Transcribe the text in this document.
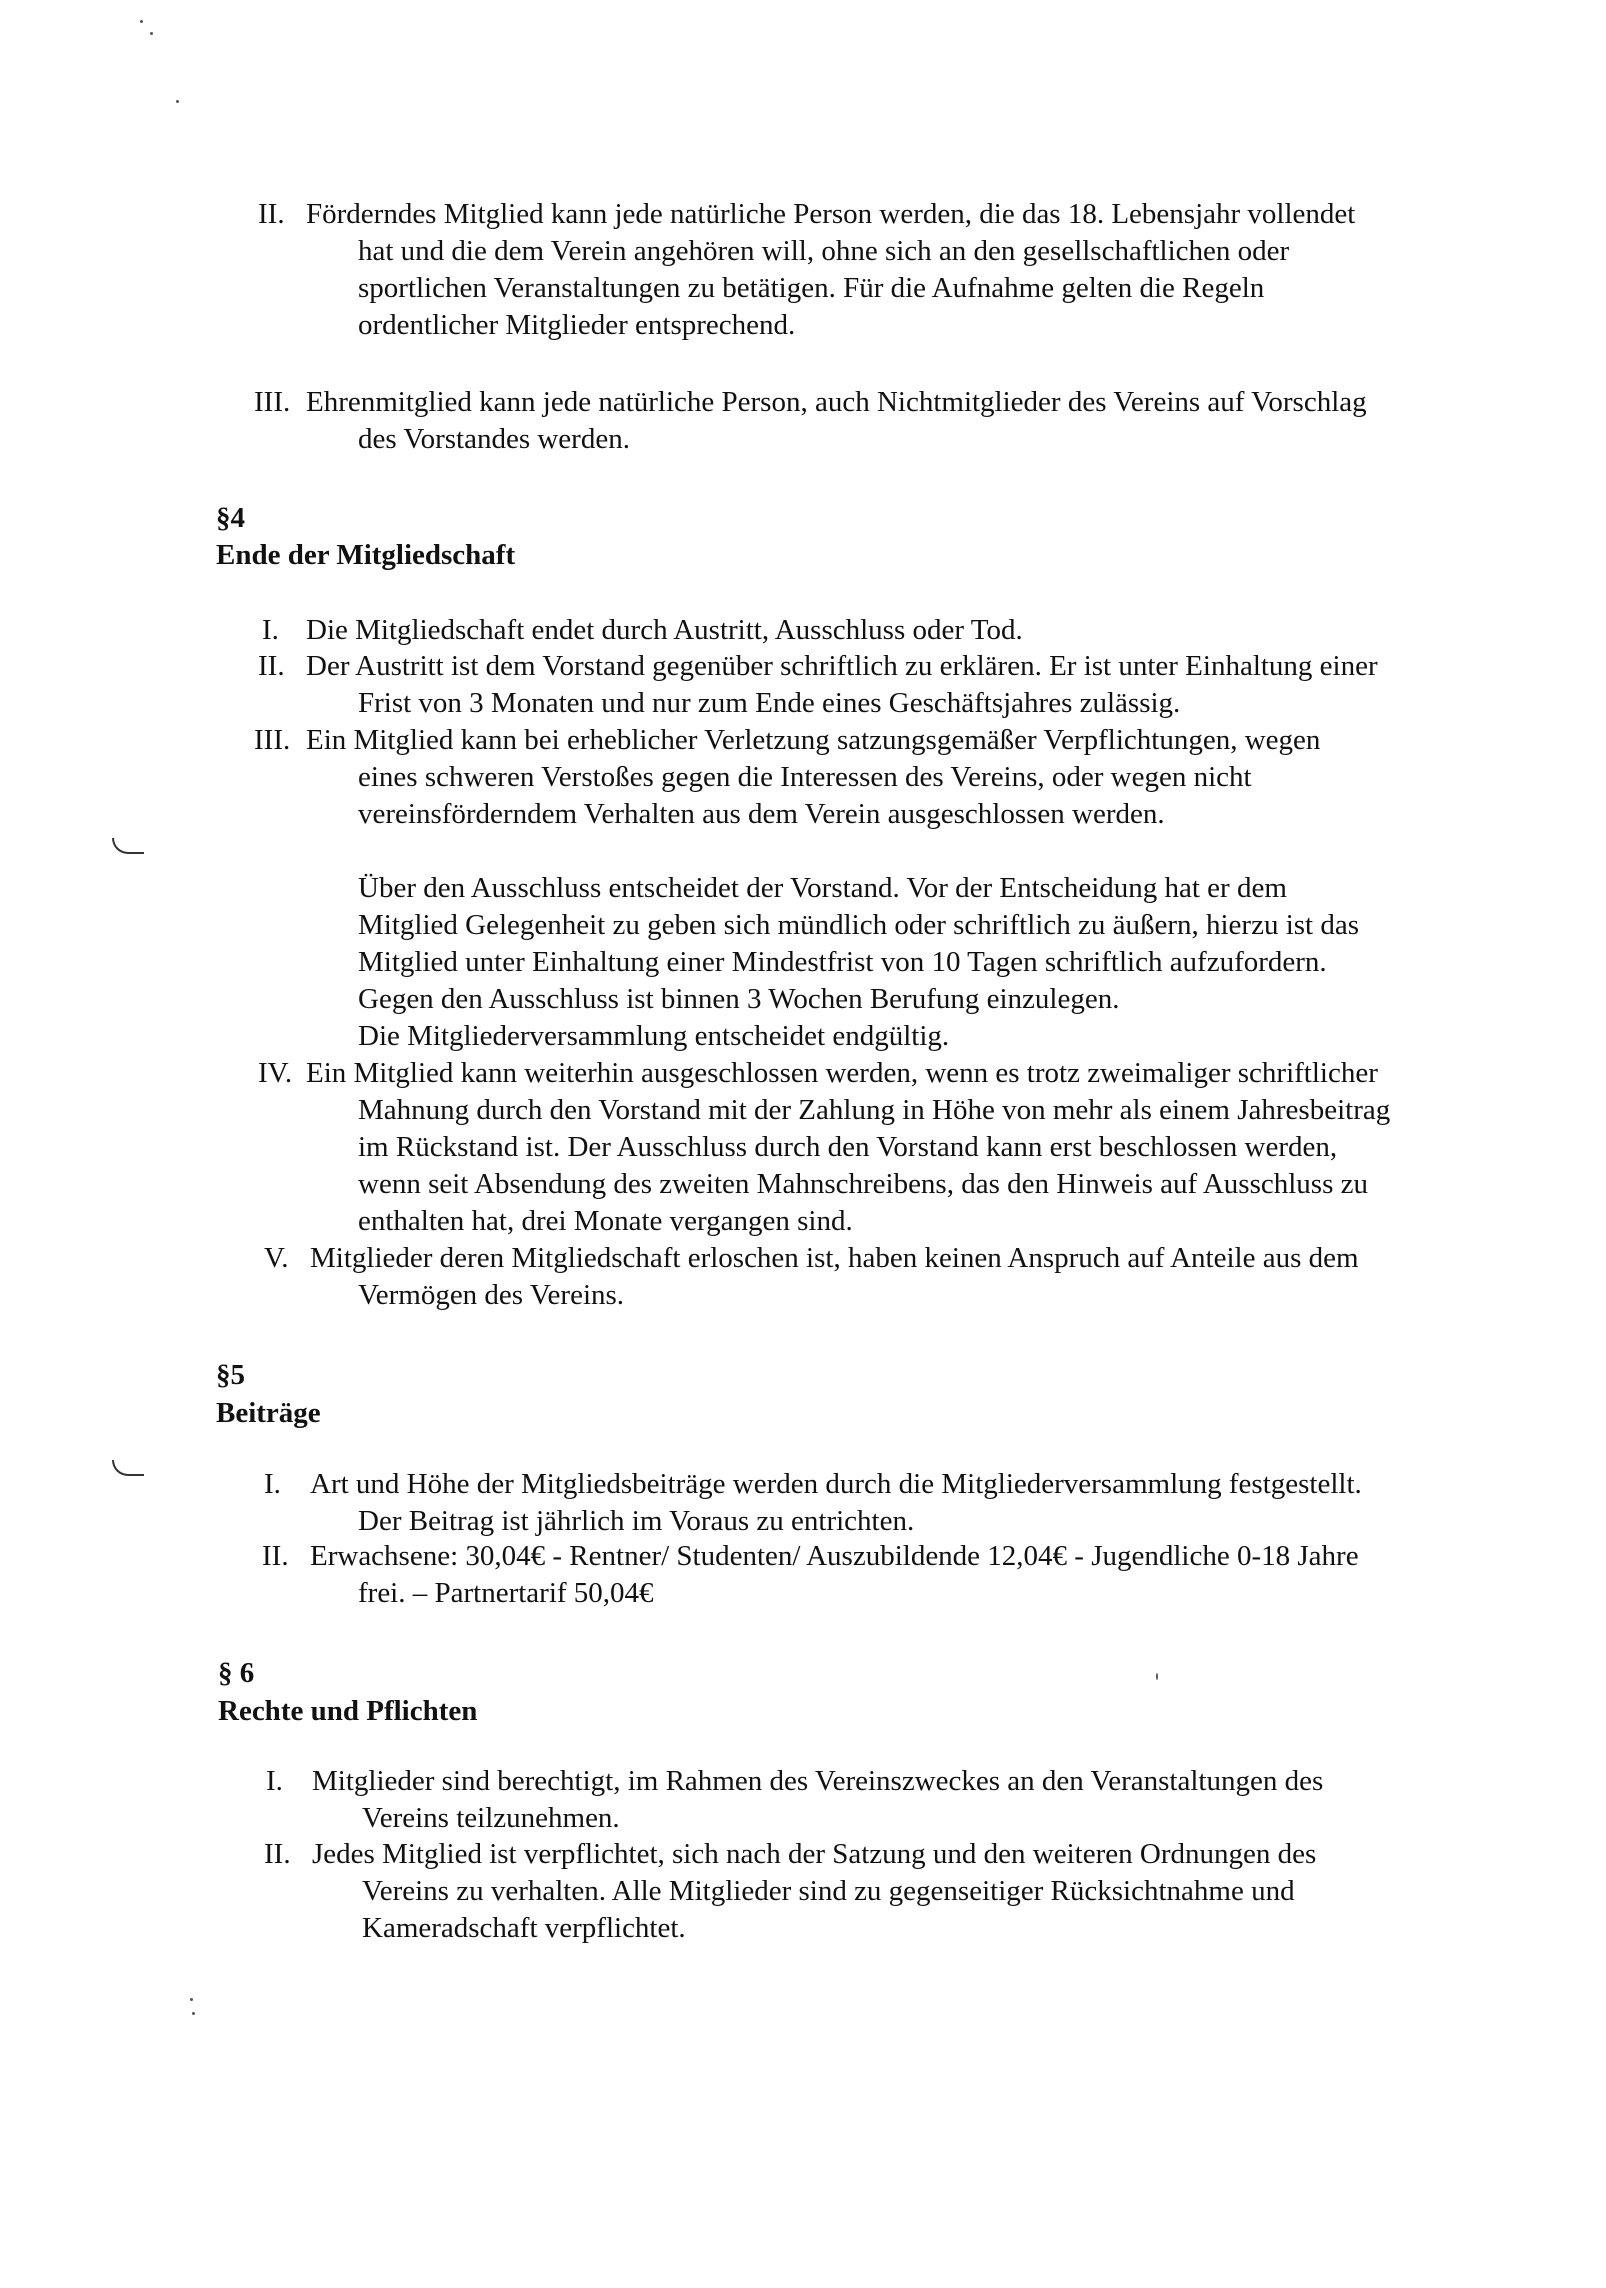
II. Förderndes Mitglied kann jede natürliche Person werden, die das 18. Lebensjahr vollendet
hat und die dem Verein angehören will, ohne sich an den gesellschaftlichen oder
sportlichen Veranstaltungen zu betätigen. Für die Aufnahme gelten die Regeln
ordentlicher Mitglieder entsprechend.
III. Ehrenmitglied kann jede natürliche Person, auch Nichtmitglieder des Vereins auf Vorschlag
des Vorstandes werden.
§4
Ende der Mitgliedschaft
I. Die Mitgliedschaft endet durch Austritt, Ausschluss oder Tod.
II. Der Austritt ist dem Vorstand gegenüber schriftlich zu erklären. Er ist unter Einhaltung einer
Frist von 3 Monaten und nur zum Ende eines Geschäftsjahres zulässig.
III. Ein Mitglied kann bei erheblicher Verletzung satzungsgemäßer Verpflichtungen, wegen
eines schweren Verstoßes gegen die Interessen des Vereins, oder wegen nicht
vereinsförderndem Verhalten aus dem Verein ausgeschlossen werden.
Über den Ausschluss entscheidet der Vorstand. Vor der Entscheidung hat er dem
Mitglied Gelegenheit zu geben sich mündlich oder schriftlich zu äußern, hierzu ist das
Mitglied unter Einhaltung einer Mindestfrist von 10 Tagen schriftlich aufzufordern.
Gegen den Ausschluss ist binnen 3 Wochen Berufung einzulegen.
Die Mitgliederversammlung entscheidet endgültig.
IV. Ein Mitglied kann weiterhin ausgeschlossen werden, wenn es trotz zweimaliger schriftlicher
Mahnung durch den Vorstand mit der Zahlung in Höhe von mehr als einem Jahresbeitrag
im Rückstand ist. Der Ausschluss durch den Vorstand kann erst beschlossen werden,
wenn seit Absendung des zweiten Mahnschreibens, das den Hinweis auf Ausschluss zu
enthalten hat, drei Monate vergangen sind.
V. Mitglieder deren Mitgliedschaft erloschen ist, haben keinen Anspruch auf Anteile aus dem
Vermögen des Vereins.
§5
Beiträge
I.	Art und Höhe der Mitgliedsbeiträge werden durch die Mitgliederversammlung festgestellt.
Der Beitrag ist jährlich im Voraus zu entrichten.
II. Erwachsene: 30,04€ - Rentner/ Studenten/ Auszubildende 12,04€ - Jugendliche 0-18 Jahre
frei. – Partnertarif 50,04€
§ 6
Rechte und Pflichten
I.	Mitglieder sind berechtigt, im Rahmen des Vereinszweckes an den Veranstaltungen des
Vereins teilzunehmen.
II. Jedes Mitglied ist verpflichtet, sich nach der Satzung und den weiteren Ordnungen des
Vereins zu verhalten. Alle Mitglieder sind zu gegenseitiger Rücksichtnahme und
Kameradschaft verpflichtet.
